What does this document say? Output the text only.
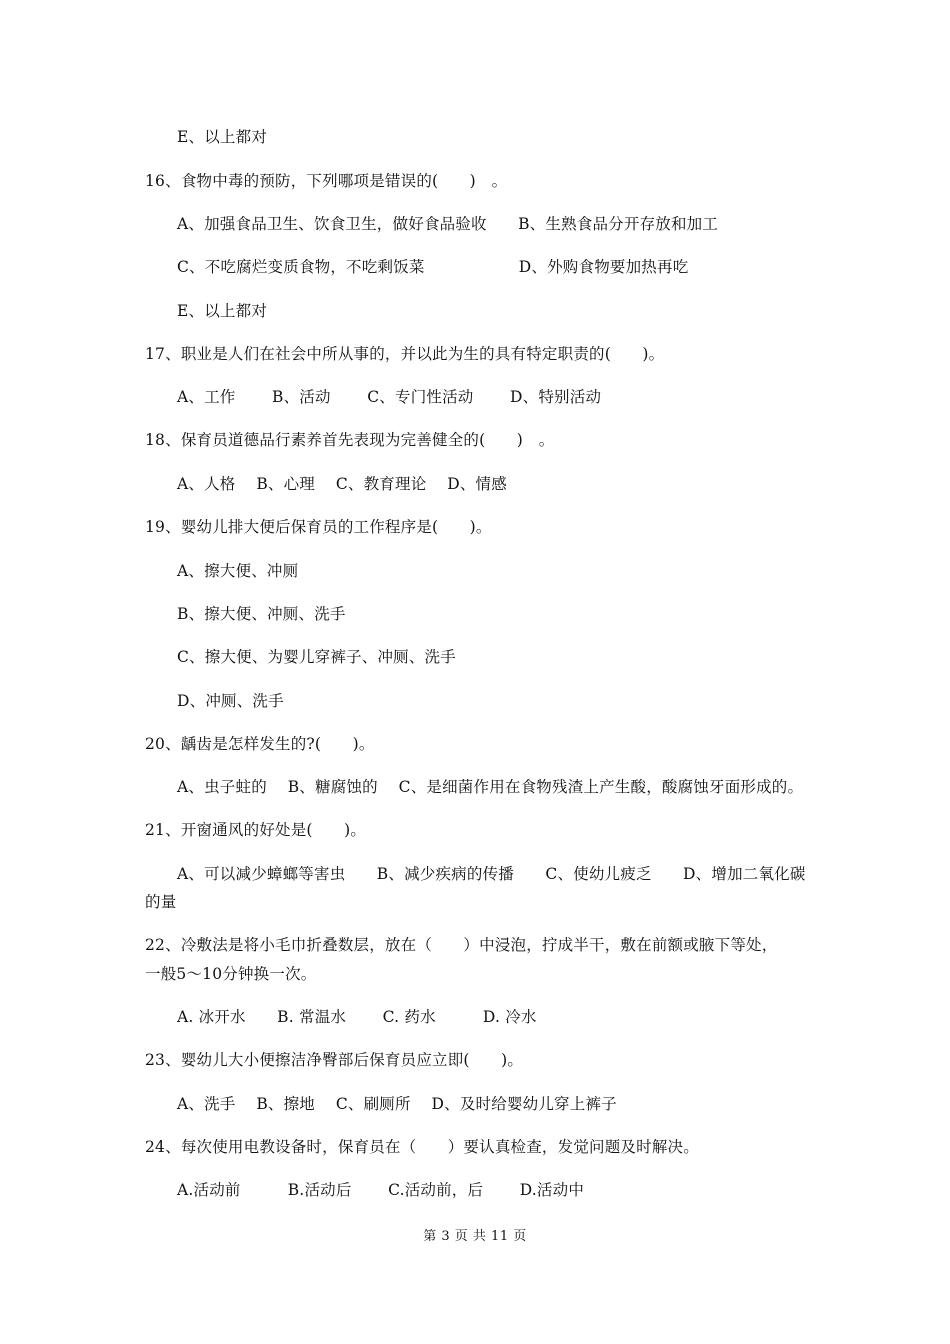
E、以上都对
16、食物中毒的预防，下列哪项是错误的(　　)　。
A、加强食品卫生、饮食卫生，做好食品验收　　B、生熟食品分开存放和加工
C、不吃腐烂变质食物，不吃剩饭菜　　　　　　D、外购食物要加热再吃
E、以上都对
17、职业是人们在社会中所从事的，并以此为生的具有特定职责的(　　)。
A、工作　　 B、活动　　 C、专门性活动　　 D、特别活动
18、保育员道德品行素养首先表现为完善健全的(　　)　。
A、人格　 B、心理　 C、教育理论　 D、情感
19、婴幼儿排大便后保育员的工作程序是(　　)。
A、擦大便、冲厕
B、擦大便、冲厕、洗手
C、擦大便、为婴儿穿裤子、冲厕、洗手
D、冲厕、洗手
20、龋齿是怎样发生的?(　　)。
A、虫子蛀的　 B、糖腐蚀的　 C、是细菌作用在食物残渣上产生酸，酸腐蚀牙面形成的。
21、开窗通风的好处是(　　)。
A、可以减少蟑螂等害虫　　B、减少疾病的传播　　C、使幼儿疲乏　　D、增加二氧化碳
的量
22、冷敷法是将小毛巾折叠数层，放在（　　）中浸泡，拧成半干，敷在前额或腋下等处，
一般5～10分钟换一次。
A. 冰开水　　B. 常温水　　 C. 药水　　　D. 冷水
23、婴幼儿大小便擦洁净臀部后保育员应立即(　　)。
A、洗手　 B、擦地　 C、刷厕所　 D、及时给婴幼儿穿上裤子
24、每次使用电教设备时，保育员在（　　）要认真检查，发觉问题及时解决。
A.活动前　　　B.活动后　　 C.活动前，后　　 D.活动中
第 3 页 共 11 页
